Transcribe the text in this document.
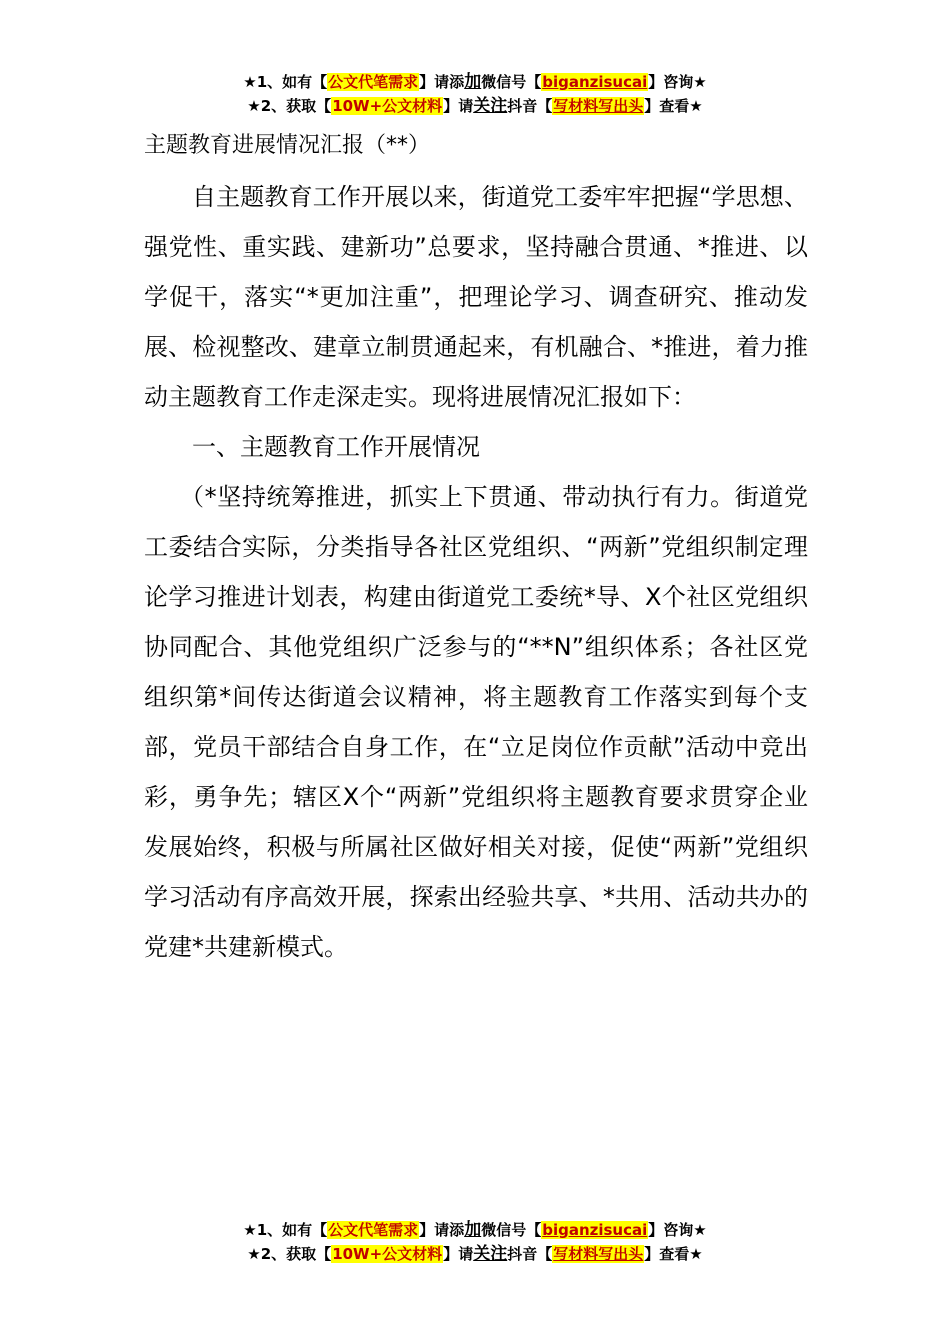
★1、如有【公文代笔需求】请添加微信号【biganzisucai】咨询★
★2、获取【10W+公文材料】请关注抖音【写材料写出头】查看★
主题教育进展情况汇报（**）

自主题教育工作开展以来，街道党工委牢牢把握“学思想、强党性、重实践、建新功”总要求，坚持融合贯通、*推进、以学促干，落实“*更加注重”，把理论学习、调查研究、推动发展、检视整改、建章立制贯通起来，有机融合、*推进，着力推动主题教育工作走深走实。现将进展情况汇报如下：

一、主题教育工作开展情况

（*坚持统筹推进，抓实上下贯通、带动执行有力。街道党工委结合实际，分类指导各社区党组织、“两新”党组织制定理论学习推进计划表，构建由街道党工委统*导、X个社区党组织协同配合、其他党组织广泛参与的“**N”组织体系；各社区党组织第*间传达街道会议精神，将主题教育工作落实到每个支部，党员干部结合自身工作，在“立足岗位作贡献”活动中竞出彩，勇争先；辖区X个“两新”党组织将主题教育要求贯穿企业发展始终，积极与所属社区做好相关对接，促使“两新”党组织学习活动有序高效开展，探索出经验共享、*共用、活动共办的党建*共建新模式。

★1、如有【公文代笔需求】请添加微信号【biganzisucai】咨询★
★2、获取【10W+公文材料】请关注抖音【写材料写出头】查看★
